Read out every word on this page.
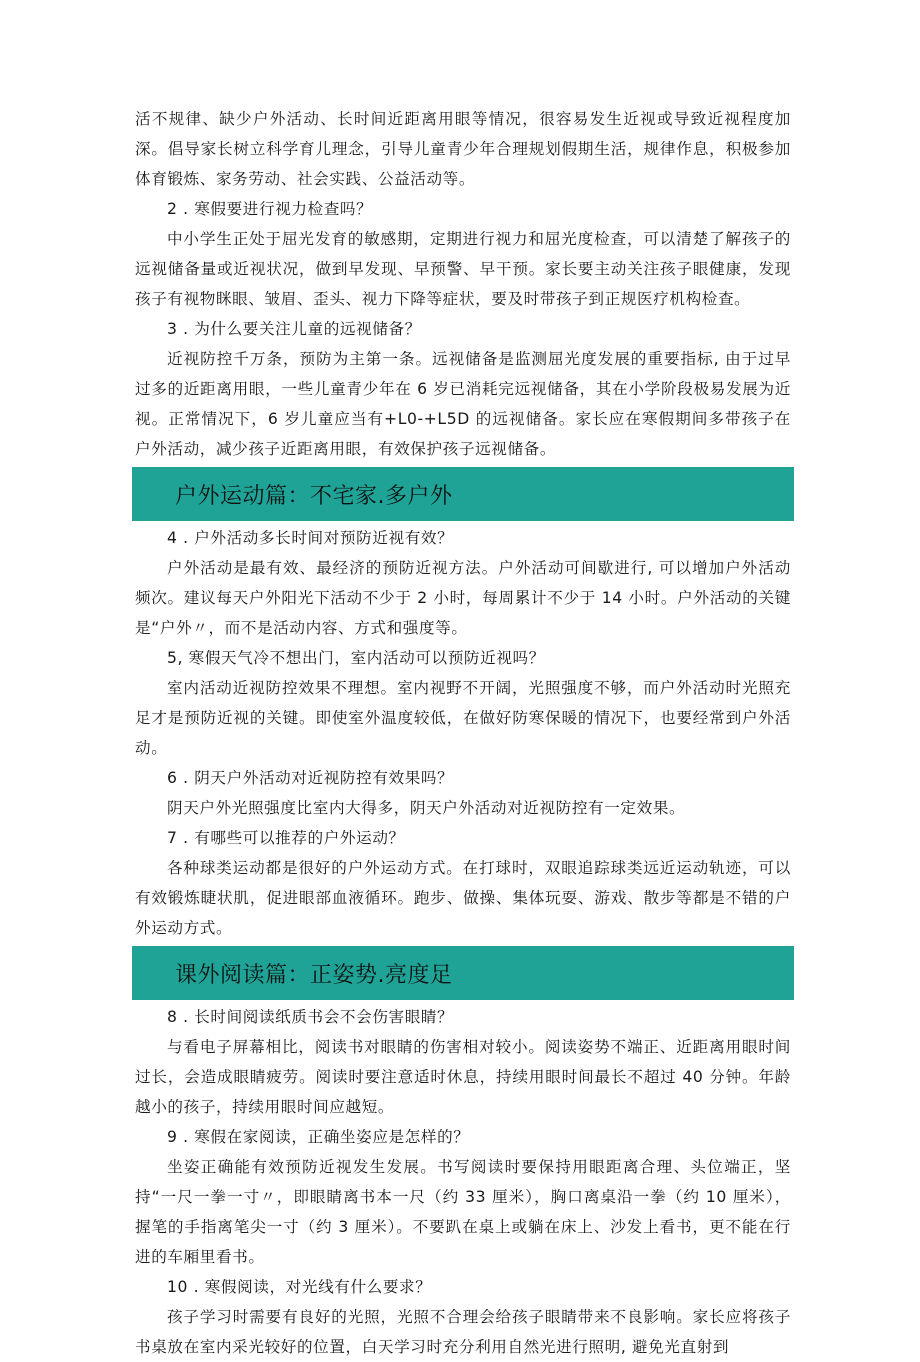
活不规律、缺少户外活动、长时间近距离用眼等情况，很容易发生近视或导致近视程度加深。倡导家长树立科学育儿理念，引导儿童青少年合理规划假期生活，规律作息，积极参加体育锻炼、家务劳动、社会实践、公益活动等。

2 . 寒假要进行视力检查吗？

中小学生正处于屈光发育的敏感期，定期进行视力和屈光度检查，可以清楚了解孩子的远视储备量或近视状况，做到早发现、早预警、早干预。家长要主动关注孩子眼健康，发现孩子有视物眯眼、皱眉、歪头、视力下降等症状，要及时带孩子到正规医疗机构检查。

3 . 为什么要关注儿童的远视储备？

近视防控千万条，预防为主第一条。远视储备是监测屈光度发展的重要指标, 由于过早过多的近距离用眼，一些儿童青少年在 6 岁已消耗完远视储备，其在小学阶段极易发展为近视。正常情况下，6 岁儿童应当有+L0-+L5D 的远视储备。家长应在寒假期间多带孩子在户外活动，减少孩子近距离用眼，有效保护孩子远视储备。

户外运动篇：不宅家.多户外

4 . 户外活动多长时间对预防近视有效？

户外活动是最有效、最经济的预防近视方法。户外活动可间歇进行, 可以增加户外活动频次。建议每天户外阳光下活动不少于 2 小时，每周累计不少于 14 小时。户外活动的关键是“户外〃，而不是活动内容、方式和强度等。

5, 寒假天气冷不想出门，室内活动可以预防近视吗？

室内活动近视防控效果不理想。室内视野不开阔，光照强度不够，而户外活动时光照充足才是预防近视的关键。即使室外温度较低，在做好防寒保暖的情况下，也要经常到户外活动。

6 . 阴天户外活动对近视防控有效果吗？

阴天户外光照强度比室内大得多，阴天户外活动对近视防控有一定效果。

7 . 有哪些可以推荐的户外运动？

各种球类运动都是很好的户外运动方式。在打球时，双眼追踪球类远近运动轨迹，可以有效锻炼睫状肌，促进眼部血液循环。跑步、做操、集体玩耍、游戏、散步等都是不错的户外运动方式。

课外阅读篇：正姿势.亮度足

8 . 长时间阅读纸质书会不会伤害眼睛？

与看电子屏幕相比，阅读书对眼睛的伤害相对较小。阅读姿势不端正、近距离用眼时间过长，会造成眼睛疲劳。阅读时要注意适时休息，持续用眼时间最长不超过 40 分钟。年龄越小的孩子，持续用眼时间应越短。

9 . 寒假在家阅读，正确坐姿应是怎样的？

坐姿正确能有效预防近视发生发展。书写阅读时要保持用眼距离合理、头位端正，坚持“一尺一拳一寸〃，即眼睛离书本一尺（约 33 厘米），胸口离桌沿一拳（约 10 厘米），握笔的手指离笔尖一寸（约 3 厘米）。不要趴在桌上或躺在床上、沙发上看书，更不能在行进的车厢里看书。

10 . 寒假阅读，对光线有什么要求？

孩子学习时需要有良好的光照，光照不合理会给孩子眼睛带来不良影响。家长应将孩子书桌放在室内采光较好的位置，白天学习时充分利用自然光进行照明, 避免光直射到
